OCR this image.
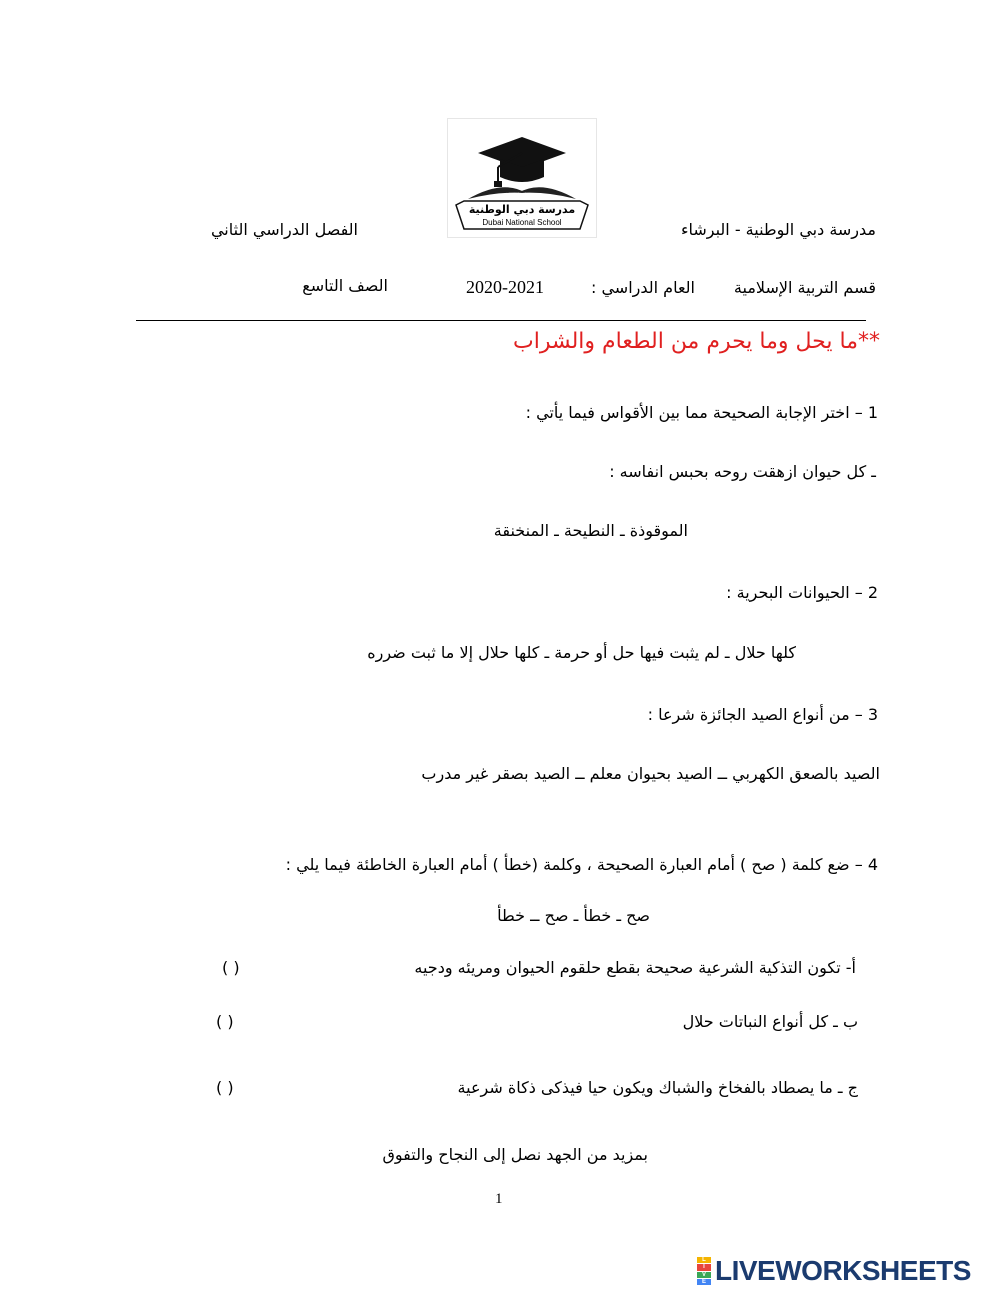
مدرسة دبي الوطنية
Dubai National School	مدرسة دبي الوطنية - البرشاء
الفصل الدراسي الثاني
قسم التربية الإسلامية
العام الدراسي :
2020-2021
الصف التاسع
**ما يحل وما يحرم من الطعام والشراب
1 – اختر الإجابة الصحيحة مما بين الأقواس فيما يأتي :
ـ كل حيوان ازهقت روحه بحبس انفاسه :
الموقوذة ـ النطيحة ـ المنخنقة
2 – الحيوانات البحرية :
كلها حلال ـ لم يثبت فيها حل أو حرمة ـ كلها حلال إلا ما ثبت ضرره
3 – من أنواع الصيد الجائزة شرعا :
الصيد بالصعق الكهربي ــ الصيد بحيوان معلم ــ الصيد بصقر غير مدرب
4 – ضع كلمة ( صح ) أمام العبارة الصحيحة ، وكلمة (خطأ ) أمام العبارة الخاطئة فيما يلي :
صح ـ خطأ ـ صح ــ خطأ
أ- تكون التذكية الشرعية صحيحة بقطع حلقوم الحيوان ومريئه ودجيه
( )
ب ـ كل أنواع النباتات حلال
( )
ج ـ ما يصطاد بالفخاخ والشباك ويكون حيا فيذكى ذكاة شرعية
( )
بمزيد من الجهد نصل إلى النجاح والتفوق
1
L
I
V
E LIVEWORKSHEETS
